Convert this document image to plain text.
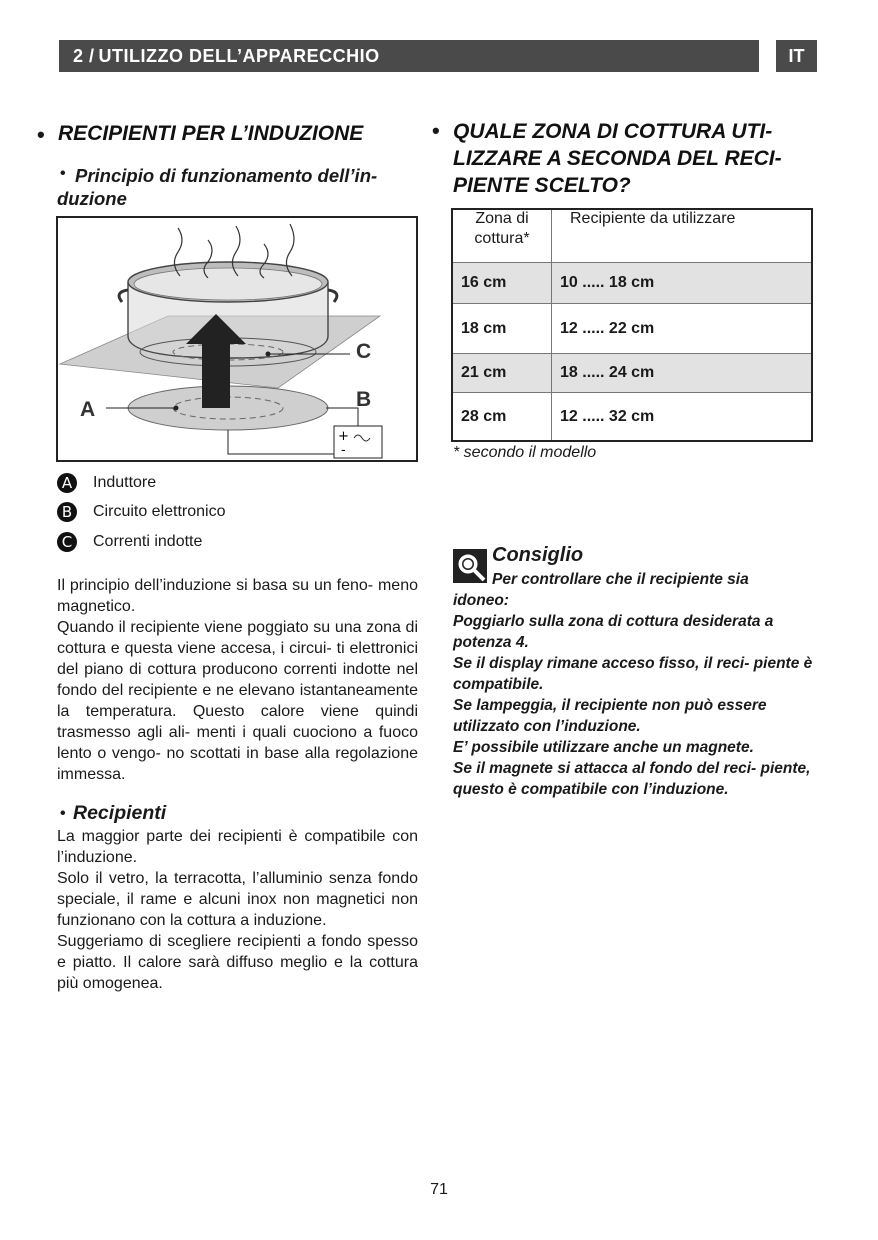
2 / UTILIZZO DELL’APPARECCHIO	IT
• RECIPIENTI PER L’INDUZIONE
• Principio di funzionamento dell’in-
duzione
+
-
A	B
C
A	Induttore
B	Circuito elettronico
C Correnti indotte

Il principio dell’induzione si basa su un feno- meno magnetico.

Quando il recipiente viene poggiato su una zona di cottura e questa viene accesa, i circui- ti elettronici del piano di cottura producono correnti indotte nel fondo del recipiente e ne elevano istantaneamente la temperatura. Questo calore viene quindi trasmesso agli ali- menti i quali cuociono a fuoco lento o vengo- no scottati in base alla regolazione immessa.

• Recipienti

La maggior parte dei recipienti è compatibile con l’induzione.

Solo il vetro, la terracotta, l’alluminio senza fondo speciale, il rame e alcuni inox non magnetici non funzionano con la cottura a induzione.

Suggeriamo di scegliere recipienti a fondo spesso e piatto. Il calore sarà diffuso meglio e la cottura più omogenea.

• QUALE ZONA DI COTTURA UTI-
LIZZARE A SECONDA DEL RECI-
PIENTE SCELTO?
Zona di
cottura*	Recipiente da utilizzare
16 cm	10 ..... 18 cm
18 cm	12 ..... 22 cm
21 cm	18 ..... 24 cm
28 cm	12 ..... 32 cm
* secondo il modello
Consiglio
Per controllare che il recipiente sia
idoneo:
Poggiarlo sulla zona di cottura desiderata a potenza 4.
Se il display rimane acceso fisso, il reci- piente è compatibile.
Se lampeggia, il recipiente non può essere utilizzato con l’induzione.
E’ possibile utilizzare anche un magnete.
Se il magnete si attacca al fondo del reci- piente, questo è compatibile con l’induzione.
71
